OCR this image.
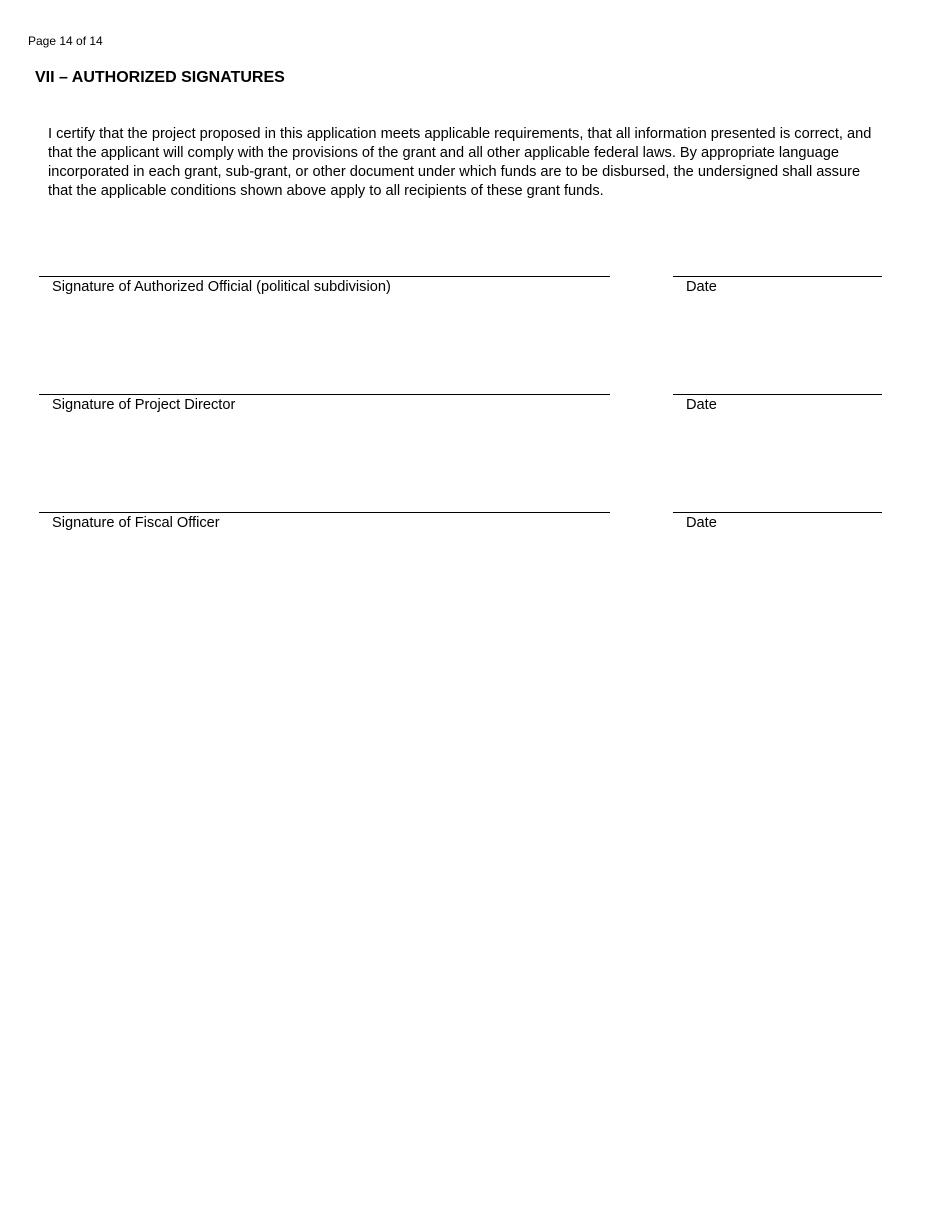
Page 14 of 14
VII – AUTHORIZED SIGNATURES

I certify that the project proposed in this application meets applicable requirements, that all information presented is correct, and that the applicant will comply with the provisions of the grant and all other applicable federal laws. By appropriate language incorporated in each grant, sub-grant, or other document under which funds are to be disbursed, the undersigned shall assure that the applicable conditions shown above apply to all recipients of these grant funds.

Signature of Authorized Official (political subdivision)	Date
Signature of Project Director	Date
Signature of Fiscal Officer	Date
